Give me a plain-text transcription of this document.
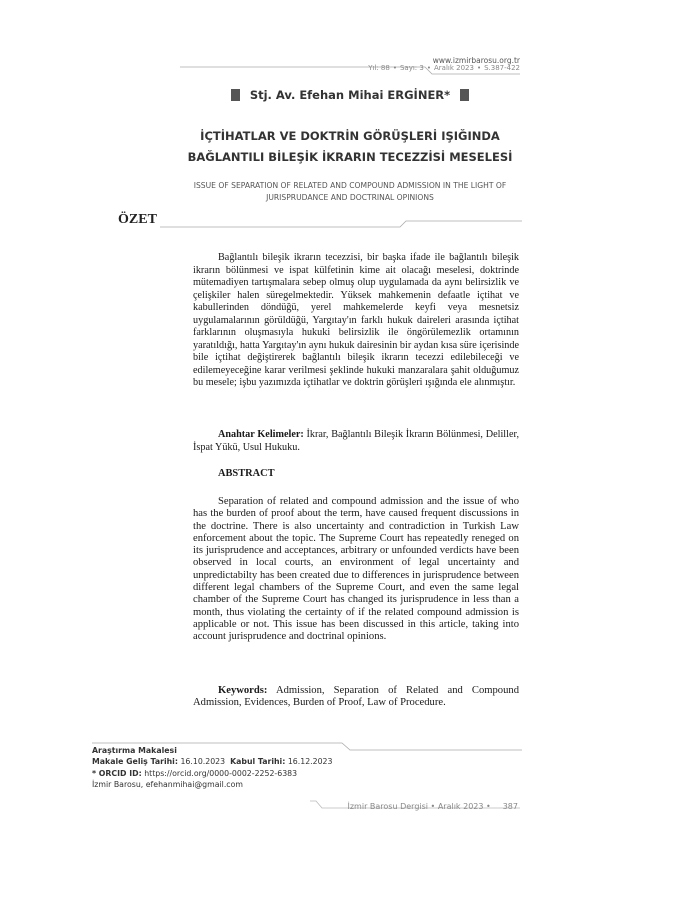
www.izmirbarosu.org.tr
Yıl: 88 • Sayı: 3 • Aralık 2023 • S.387-422
Stj. Av. Efehan Mihai ERGİNER*
İÇTİHATLAR VE DOKTRİN GÖRÜŞLERİ IŞIĞINDA
BAĞLANTILI BİLEŞİK İKRARIN TECEZZİSİ MESELESİ
ISSUE OF SEPARATION OF RELATED AND COMPOUND ADMISSION IN THE LIGHT OF
JURISPRUDANCE AND DOCTRINAL OPINIONS
ÖZET

Bağlantılı bileşik ikrarın tecezzisi, bir başka ifade ile bağlantılı bileşik ikrarın bölünmesi ve ispat külfetinin kime ait olacağı meselesi, doktrinde mütemadiyen tartışmalara sebep olmuş olup uygulamada da aynı belirsizlik ve çelişkiler halen süregelmektedir. Yüksek mahkemenin defaatle içtihat ve kabullerinden döndüğü, yerel mahkemelerde keyfi veya mesnetsiz uygulamalarının görüldüğü, Yargıtay'ın farklı hukuk daireleri arasında içtihat farklarının oluşmasıyla hukuki belirsizlik ile öngörülemezlik ortamının yaratıldığı, hatta Yargıtay'ın aynı hukuk dairesinin bir aydan kısa süre içerisinde bile içtihat değiştirerek bağlantılı bileşik ikrarın tecezzi edilebileceği ve edilemeyeceğine karar verilmesi şeklinde hukuki manzaralara şahit olduğumuz bu mesele; işbu yazımızda içtihatlar ve doktrin görüşleri ışığında ele alınmıştır.

Anahtar Kelimeler: İkrar, Bağlantılı Bileşik İkrarın Bölünmesi, Deliller, İspat Yükü, Usul Hukuku.

ABSTRACT

Separation of related and compound admission and the issue of who has the burden of proof about the term, have caused frequent discussions in the doctrine. There is also uncertainty and contradiction in Turkish Law enforcement about the topic. The Supreme Court has repeatedly reneged on its jurisprudence and acceptances, arbitrary or unfounded verdicts have been observed in local courts, an environment of legal uncertainty and unpredictabilty has been created due to differences in jurisprudence between different legal chambers of the Supreme Court, and even the same legal chamber of the Supreme Court has changed its jurisprudence in less than a month, thus violating the certainty of if the related compound admission is applicable or not. This issue has been discussed in this article, taking into account jurisprudence and doctrinal opinions.

Keywords: Admission, Separation of Related and Compound Admission, Evidences, Burden of Proof, Law of Procedure.

Araştırma Makalesi
Makale Geliş Tarihi: 16.10.2023 Kabul Tarihi: 16.12.2023
* ORCID ID: https://orcid.org/0000-0002-2252-6383
İzmir Barosu, efehanmihai@gmail.com
İzmir Barosu Dergisi • Aralık 2023 • 387
